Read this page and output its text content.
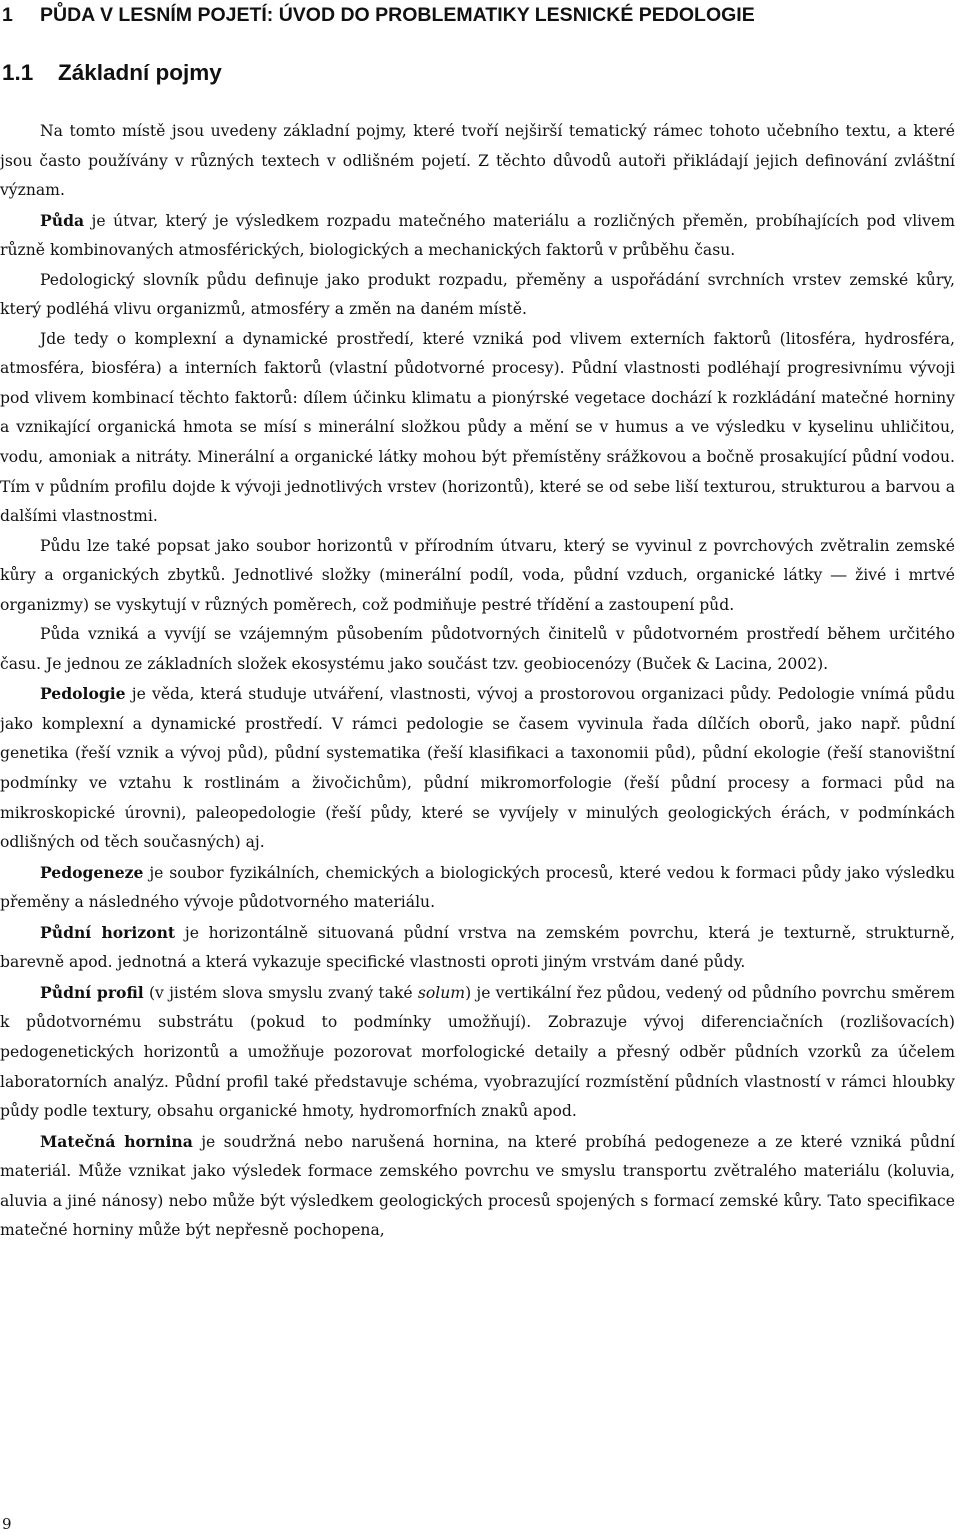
1 PŮDA V LESNÍM POJETÍ: ÚVOD DO PROBLEMATIKY LESNICKÉ PEDOLOGIE
1.1 Základní pojmy

Na tomto místě jsou uvedeny základní pojmy, které tvoří nejširší tematický rámec tohoto učebního textu, a které jsou často používány v různých textech v odlišném pojetí. Z těchto důvodů autoři přikládají jejich definování zvláštní význam.

Půda je útvar, který je výsledkem rozpadu matečného materiálu a rozličných přeměn, probíhajících pod vlivem různě kombinovaných atmosférických, biologických a mechanických faktorů v průběhu času.

Pedologický slovník půdu definuje jako produkt rozpadu, přeměny a uspořádání svrchních vrstev zemské kůry, který podléhá vlivu organizmů, atmosféry a změn na daném místě.

Jde tedy o komplexní a dynamické prostředí, které vzniká pod vlivem externích faktorů (litosféra, hydrosféra, atmosféra, biosféra) a interních faktorů (vlastní půdotvorné procesy). Půdní vlastnosti podléhají progresivnímu vývoji pod vlivem kombinací těchto faktorů: dílem účinku klimatu a pionýrské vegetace dochází k rozkládání matečné horniny a vznikající organická hmota se mísí s minerální složkou půdy a mění se v humus a ve výsledku v kyselinu uhličitou, vodu, amoniak a nitráty. Minerální a organické látky mohou být přemístěny srážkovou a bočně prosakující půdní vodou. Tím v půdním profilu dojde k vývoji jednotlivých vrstev (horizontů), které se od sebe liší texturou, strukturou a barvou a dalšími vlastnostmi.

Půdu lze také popsat jako soubor horizontů v přírodním útvaru, který se vyvinul z povrchových zvětralin zemské kůry a organických zbytků. Jednotlivé složky (minerální podíl, voda, půdní vzduch, organické látky ― živé i mrtvé organizmy) se vyskytují v různých poměrech, což podmiňuje pestré třídění a zastoupení půd.

Půda vzniká a vyvíjí se vzájemným působením půdotvorných činitelů v půdotvorném prostředí během určitého času. Je jednou ze základních složek ekosystému jako součást tzv. geobiocenózy (Buček & Lacina, 2002).

Pedologie je věda, která studuje utváření, vlastnosti, vývoj a prostorovou organizaci půdy. Pedologie vnímá půdu jako komplexní a dynamické prostředí. V rámci pedologie se časem vyvinula řada dílčích oborů, jako např. půdní genetika (řeší vznik a vývoj půd), půdní systematika (řeší klasifikaci a taxonomii půd), půdní ekologie (řeší stanovištní podmínky ve vztahu k rostlinám a živočichům), půdní mikromorfologie (řeší půdní procesy a formaci půd na mikroskopické úrovni), paleopedologie (řeší půdy, které se vyvíjely v minulých geologických érách, v podmínkách odlišných od těch současných) aj.

Pedogeneze je soubor fyzikálních, chemických a biologických procesů, které vedou k formaci půdy jako výsledku přeměny a následného vývoje půdotvorného materiálu.

Půdní horizont je horizontálně situovaná půdní vrstva na zemském povrchu, která je texturně, strukturně, barevně apod. jednotná a která vykazuje specifické vlastnosti oproti jiným vrstvám dané půdy.

Půdní profil (v jistém slova smyslu zvaný také solum) je vertikální řez půdou, vedený od půdního povrchu směrem k půdotvornému substrátu (pokud to podmínky umožňují). Zobrazuje vývoj diferenciačních (rozlišovacích) pedogenetických horizontů a umožňuje pozorovat morfologické detaily a přesný odběr půdních vzorků za účelem laboratorních analýz. Půdní profil také představuje schéma, vyobrazující rozmístění půdních vlastností v rámci hloubky půdy podle textury, obsahu organické hmoty, hydromorfních znaků apod.

Matečná hornina je soudržná nebo narušená hornina, na které probíhá pedogeneze a ze které vzniká půdní materiál. Může vznikat jako výsledek formace zemského povrchu ve smyslu transportu zvětralého materiálu (koluvia, aluvia a jiné nánosy) nebo může být výsledkem geologických procesů spojených s formací zemské kůry. Tato specifikace matečné horniny může být nepřesně pochopena,

9
